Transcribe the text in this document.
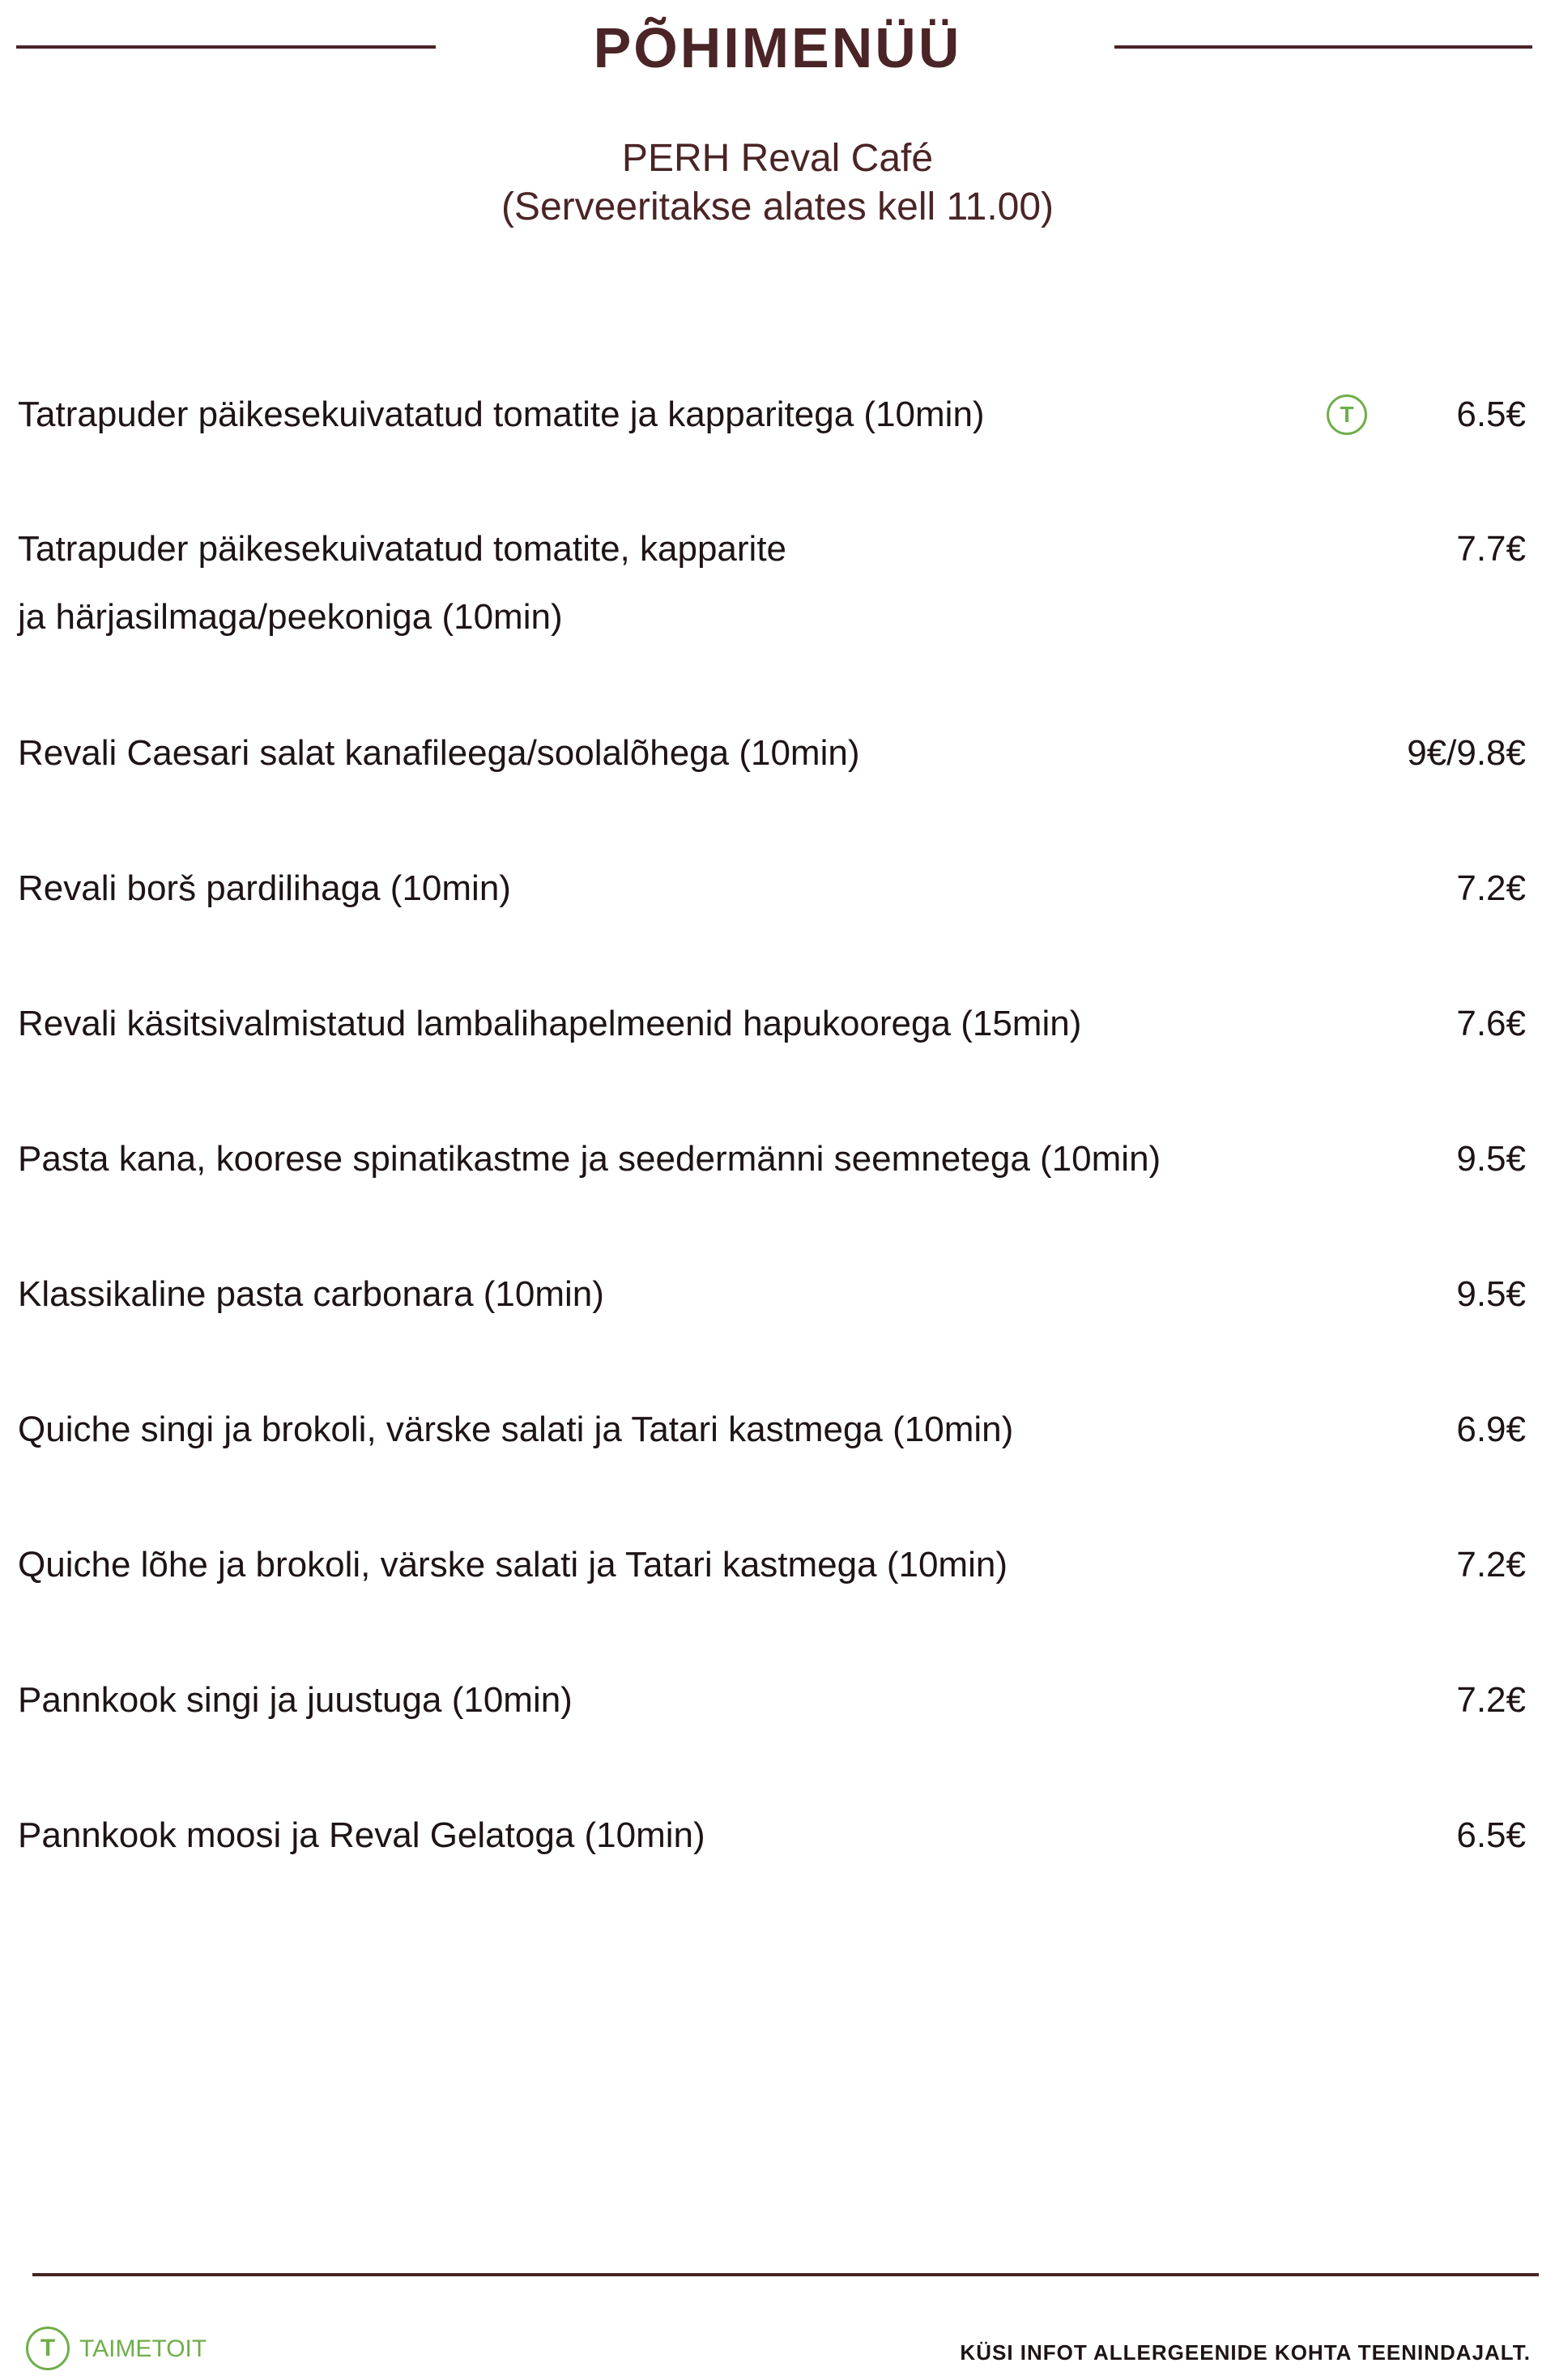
PÕHIMENÜÜ
PERH Reval Café
(Serveeritakse alates kell 11.00)
Tatrapuder päikesekuivatatud tomatite ja kapparitega (10min)	T	6.5€
Tatrapuder päikesekuivatatud tomatite, kapparite
ja härjasilmaga/peekoniga (10min)
7.7€
Revali Caesari salat kanafileega/soolalõhega (10min)	9€/9.8€
Revali borš pardilihaga (10min)	7.2€
Revali käsitsivalmistatud lambalihapelmeenid hapukoorega (15min)	7.6€
Pasta kana, koorese spinatikastme ja seedermänni seemnetega (10min)	9.5€
Klassikaline pasta carbonara (10min)	9.5€
Quiche singi ja brokoli, värske salati ja Tatari kastmega (10min)	6.9€
Quiche lõhe ja brokoli, värske salati ja Tatari kastmega (10min)	7.2€
Pannkook singi ja juustuga (10min)	7.2€
Pannkook moosi ja Reval Gelatoga (10min)	6.5€
T TAIMETOIT	KÜSI INFOT ALLERGEENIDE KOHTA TEENINDAJALT.
